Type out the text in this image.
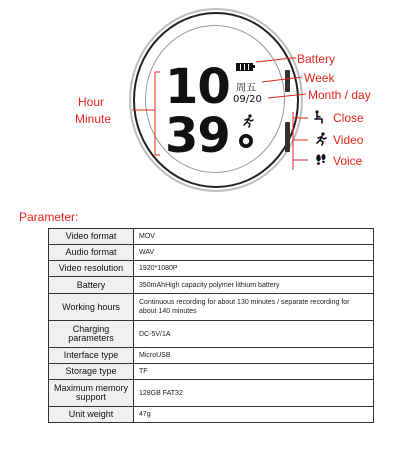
10
39
周五
09/20
Battery
Week
Month / day
Hour
Minute	Close
Video
Voice
Parameter:
Video format	MOV
Audio format	WAV
Video resolution	1920*1080P
Battery	350mAhHigh capacity polymer lithium battery
Working hours	Continuous recording for about 130 minutes / separate recording for about 140 minutes
Charging parameters	DC-5V/1A
Interface type	MicroUSB
Storage type	TF
Maximum memory support	128GB FAT32
Unit weight	47g
